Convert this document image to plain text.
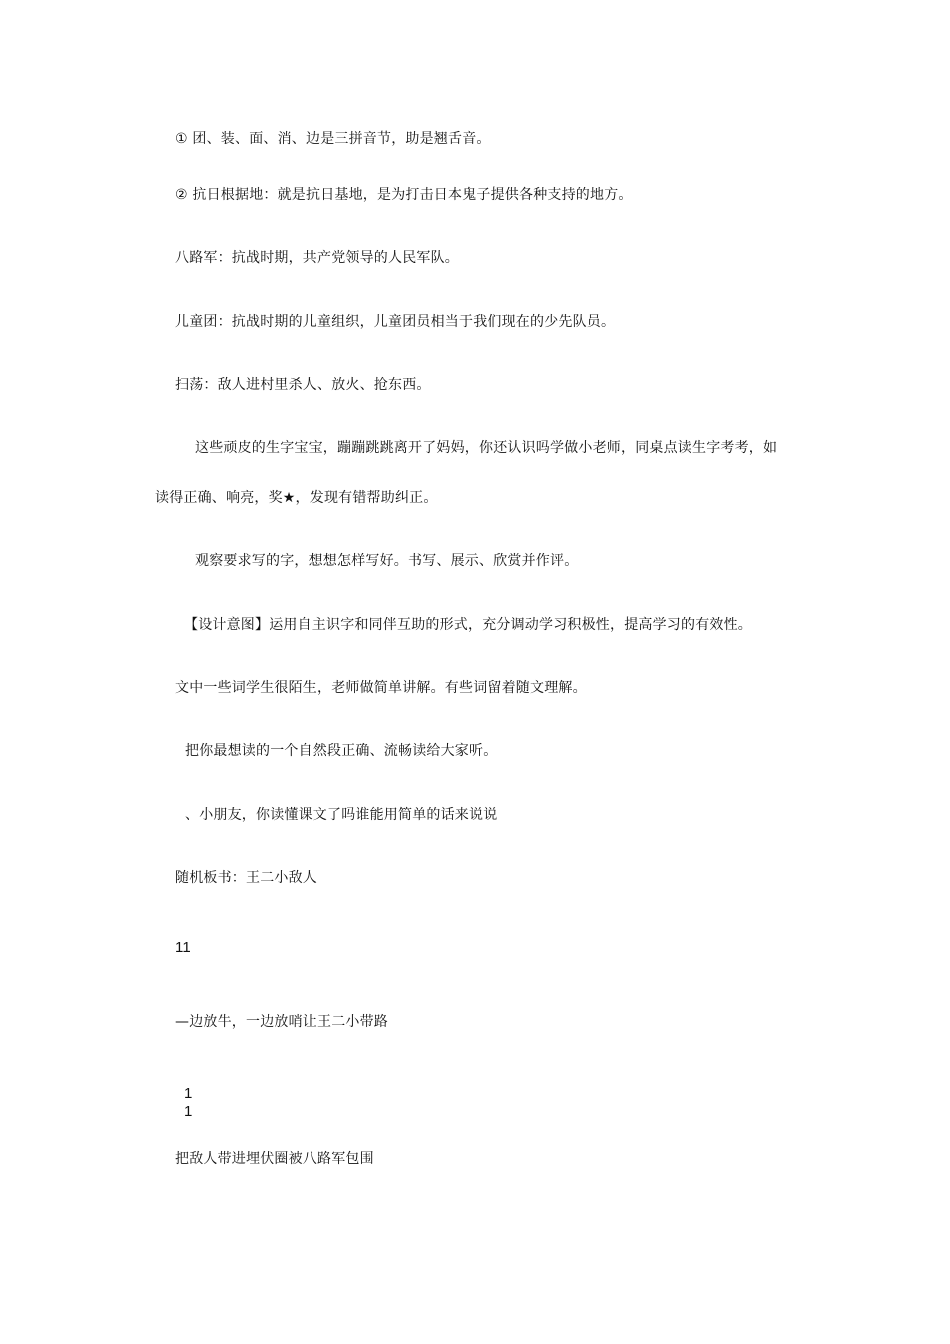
① 团、装、面、消、边是三拼音节，助是翘舌音。
② 抗日根据地：就是抗日基地，是为打击日本鬼子提供各种支持的地方。
八路军：抗战时期，共产党领导的人民军队。
儿童团：抗战时期的儿童组织，儿童团员相当于我们现在的少先队员。
扫荡：敌人进村里杀人、放火、抢东西。
这些顽皮的生字宝宝，蹦蹦跳跳离开了妈妈，你还认识吗学做小老师，同桌点读生字考考，如
读得正确、响亮，奖★，发现有错帮助纠正。
观察要求写的字，想想怎样写好。书写、展示、欣赏并作评。
【设计意图】运用自主识字和同伴互助的形式，充分调动学习积极性，提高学习的有效性。
文中一些词学生很陌生，老师做简单讲解。有些词留着随文理解。
把你最想读的一个自然段正确、流畅读给大家听。
、小朋友，你读懂课文了吗谁能用简单的话来说说
随机板书：王二小敌人
11
—边放牛，一边放哨让王二小带路
1
1
把敌人带进埋伏圈被八路军包围
